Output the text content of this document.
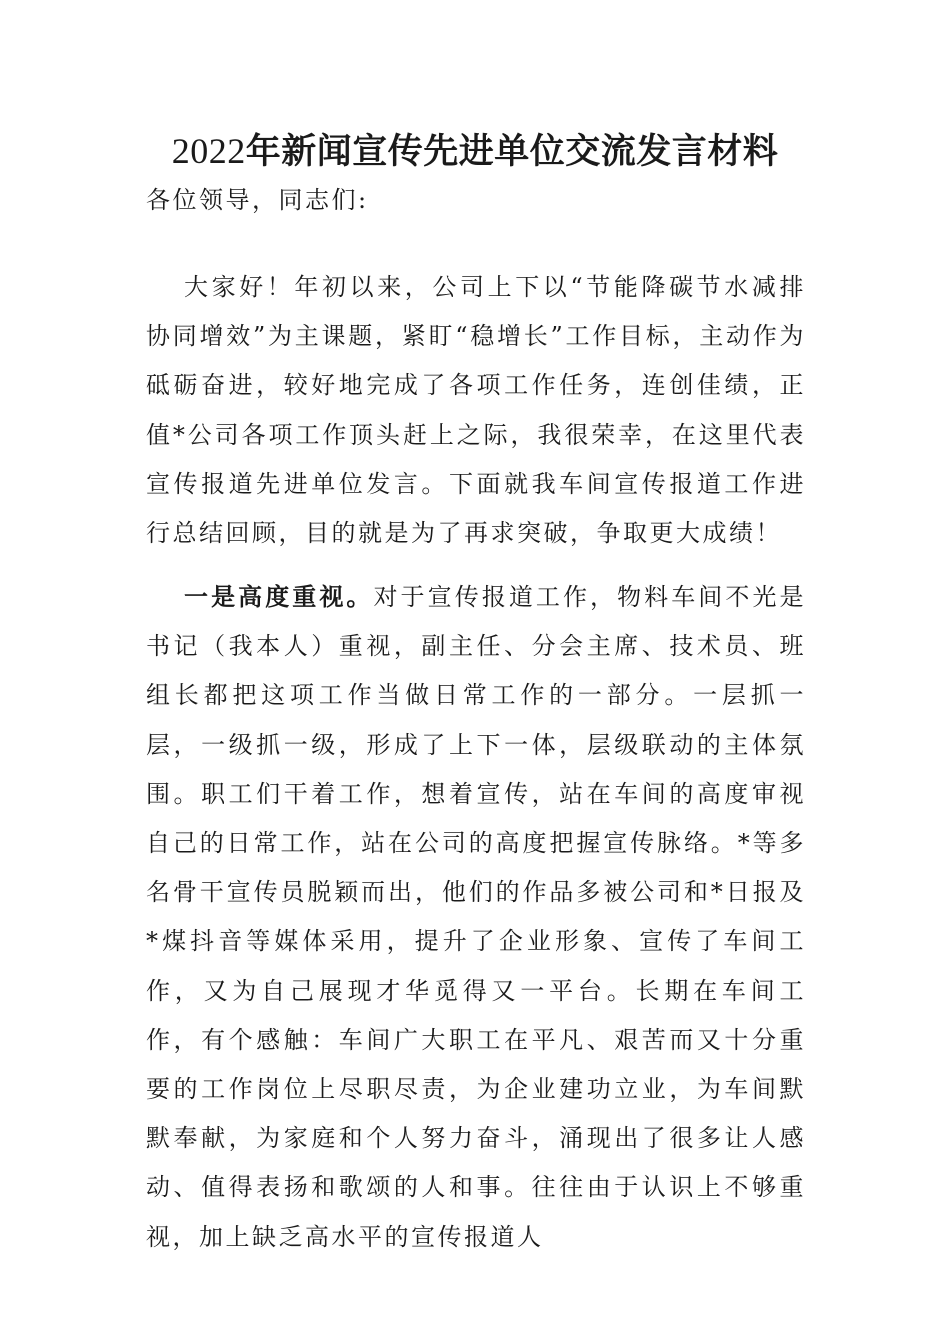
2022年新闻宣传先进单位交流发言材料
各位领导，同志们:

大家好！年初以来，公司上下以“节能降碳节水减排协同增效”为主课题，紧盯“稳增长”工作目标，主动作为砥砺奋进，较好地完成了各项工作任务，连创佳绩，正值*公司各项工作顶头赶上之际，我很荣幸，在这里代表宣传报道先进单位发言。下面就我车间宣传报道工作进行总结回顾，目的就是为了再求突破，争取更大成绩！

一是高度重视。对于宣传报道工作，物料车间不光是书记（我本人）重视，副主任、分会主席、技术员、班组长都把这项工作当做日常工作的一部分。一层抓一层，一级抓一级，形成了上下一体，层级联动的主体氛围。职工们干着工作，想着宣传，站在车间的高度审视自己的日常工作，站在公司的高度把握宣传脉络。*等多名骨干宣传员脱颖而出，他们的作品多被公司和*日报及*煤抖音等媒体采用，提升了企业形象、宣传了车间工作，又为自己展现才华觅得又一平台。长期在车间工作，有个感触：车间广大职工在平凡、艰苦而又十分重要的工作岗位上尽职尽责，为企业建功立业，为车间默默奉献，为家庭和个人努力奋斗，涌现出了很多让人感动、值得表扬和歌颂的人和事。往往由于认识上不够重视，加上缺乏高水平的宣传报道人
